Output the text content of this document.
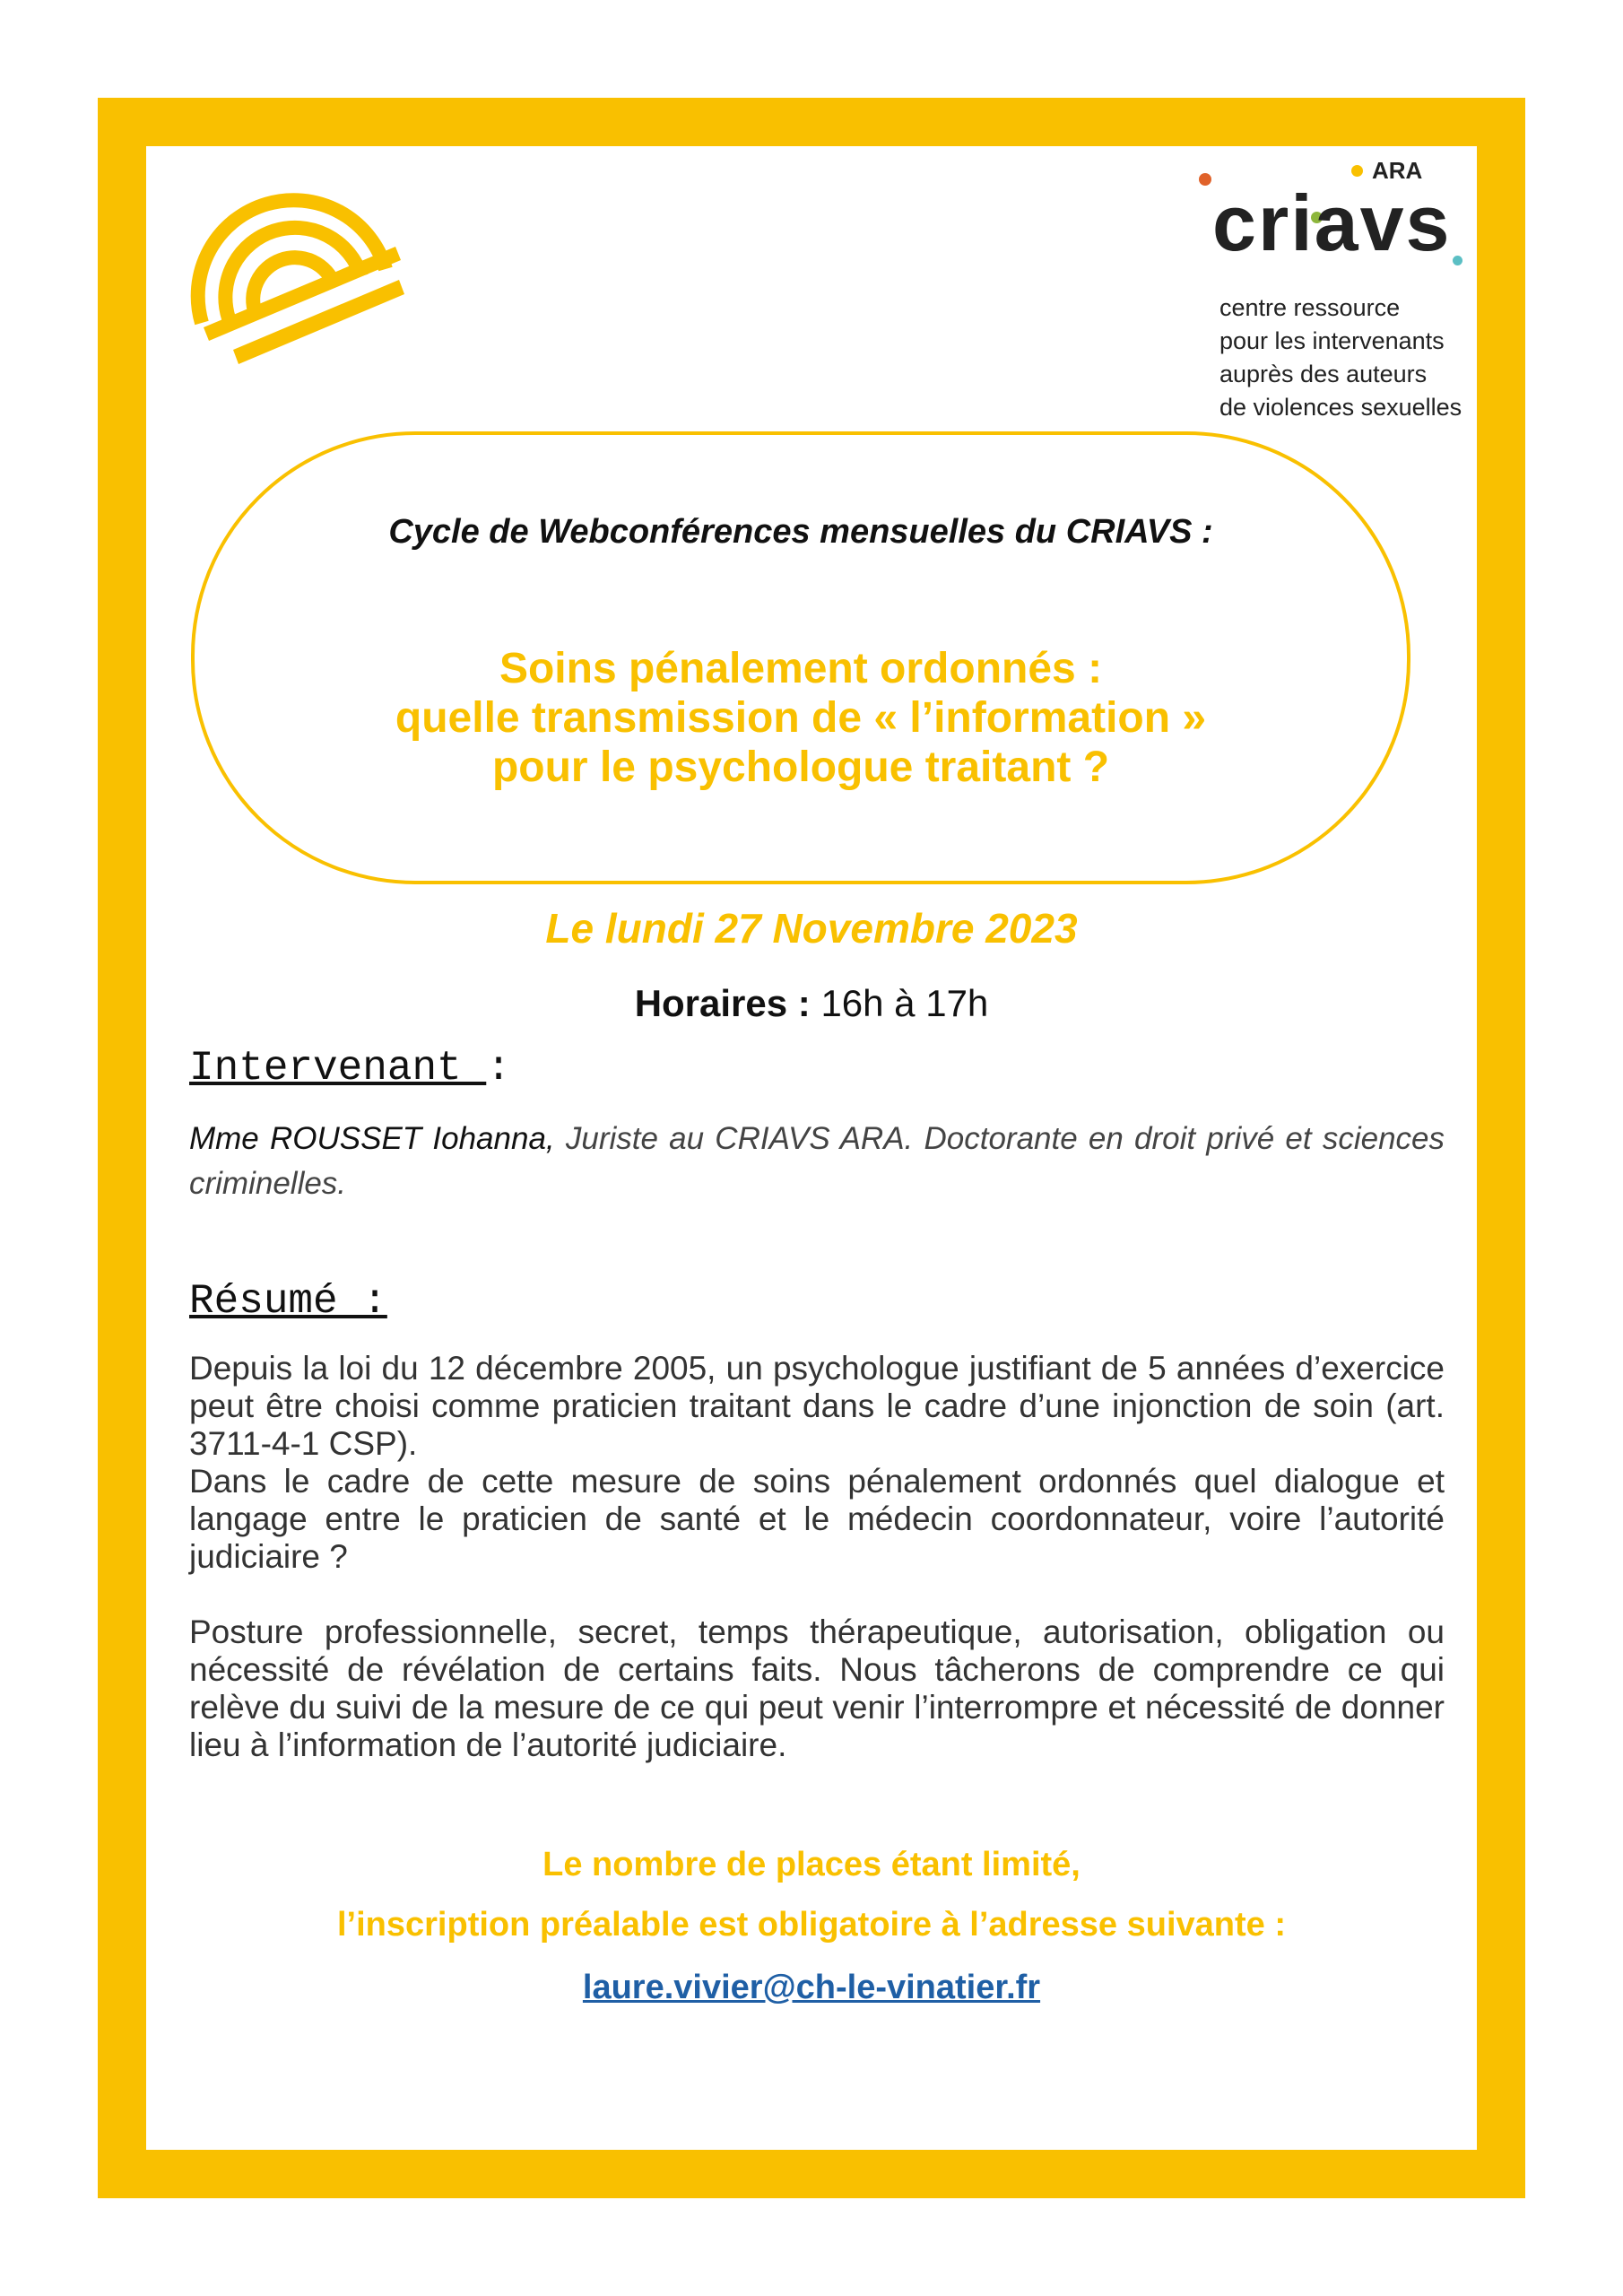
ARA
criavs
centre ressource
pour les intervenants
auprès des auteurs
de violences sexuelles
Cycle de Webconférences mensuelles du CRIAVS :
Soins pénalement ordonnés :
quelle transmission de « l’information »
pour le psychologue traitant ?
Le lundi 27 Novembre 2023
Horaires : 16h à 17h
Intervenant :
Mme ROUSSET Iohanna, Juriste au CRIAVS ARA. Doctorante en droit privé et sciences criminelles.
Résumé :

Depuis la loi du 12 décembre 2005, un psychologue justifiant de 5 années d’exercice peut être choisi comme praticien traitant dans le cadre d’une injonction de soin (art. 3711-4-1 CSP).

Dans le cadre de cette mesure de soins pénalement ordonnés quel dialogue et langage entre le praticien de santé et le médecin coordonnateur, voire l’autorité judiciaire ?

Posture professionnelle, secret, temps thérapeutique, autorisation, obligation ou nécessité de révélation de certains faits. Nous tâcherons de comprendre ce qui relève du suivi de la mesure de ce qui peut venir l’interrompre et nécessité de donner lieu à l’information de l’autorité judiciaire.

Le nombre de places étant limité,
l’inscription préalable est obligatoire à l’adresse suivante :
laure.vivier@ch-le-vinatier.fr
